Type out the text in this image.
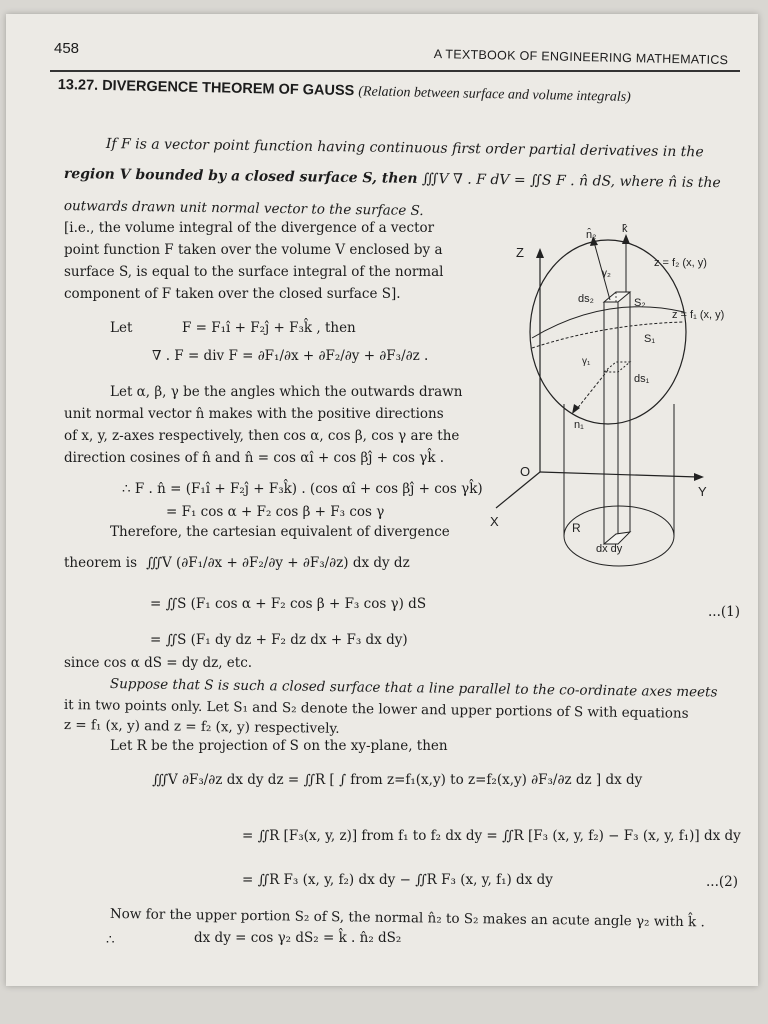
458	A TEXTBOOK OF ENGINEERING MATHEMATICS
13.27. DIVERGENCE THEOREM OF GAUSS (Relation between surface and volume integrals)
If F is a vector point function having continuous first order partial derivatives in the
region V bounded by a closed surface S, then ∭V ∇ . F dV = ∬S F . n̂ dS, where n̂ is the
outwards drawn unit normal vector to the surface S.
[i.e., the volume integral of the divergence of a vector
point function F taken over the volume V enclosed by a
surface S, is equal to the surface integral of the normal
component of F taken over the closed surface S].
Let	F = F₁î + F₂ĵ + F₃k̂ , then
∇ . F = div F = ∂F₁/∂x + ∂F₂/∂y + ∂F₃/∂z .
Let α, β, γ be the angles which the outwards drawn
unit normal vector n̂ makes with the positive directions
of x, y, z-axes respectively, then cos α, cos β, cos γ are the
direction cosines of n̂ and n̂ = cos αî + cos βĵ + cos γk̂ .
∴ F . n̂ = (F₁î + F₂ĵ + F₃k̂) . (cos αî + cos βĵ + cos γk̂)
= F₁ cos α + F₂ cos β + F₃ cos γ
Therefore, the cartesian equivalent of divergence
theorem is ∭V (∂F₁/∂x + ∂F₂/∂y + ∂F₃/∂z) dx dy dz
= ∬S (F₁ cos α + F₂ cos β + F₃ cos γ) dS	...(1)
= ∬S (F₁ dy dz + F₂ dz dx + F₃ dx dy)
since cos α dS = dy dz, etc.
Suppose that S is such a closed surface that a line parallel to the co-ordinate axes meets
it in two points only. Let S₁ and S₂ denote the lower and upper portions of S with equations
z = f₁ (x, y) and z = f₂ (x, y) respectively.
Let R be the projection of S on the xy-plane, then
∭V ∂F₃/∂z dx dy dz = ∬R [ ∫ from z=f₁(x,y) to z=f₂(x,y) ∂F₃/∂z dz ] dx dy
= ∬R [F₃(x, y, z)] from f₁ to f₂ dx dy = ∬R [F₃ (x, y, f₂) − F₃ (x, y, f₁)] dx dy
= ∬R F₃ (x, y, f₂) dx dy − ∬R F₃ (x, y, f₁) dx dy	...(2)
Now for the upper portion S₂ of S, the normal n̂₂ to S₂ makes an acute angle γ₂ with k̂ .
∴	dx dy = cos γ₂ dS₂ = k̂ . n̂₂ dS₂
Z
Y
X
O
n̂₂ k̂
γ₂
z = f₂ (x, y)
z = f₁ (x, y)
ds₂	S₂
S₁
γ₁
ds₁
n₁
R
dx dy
